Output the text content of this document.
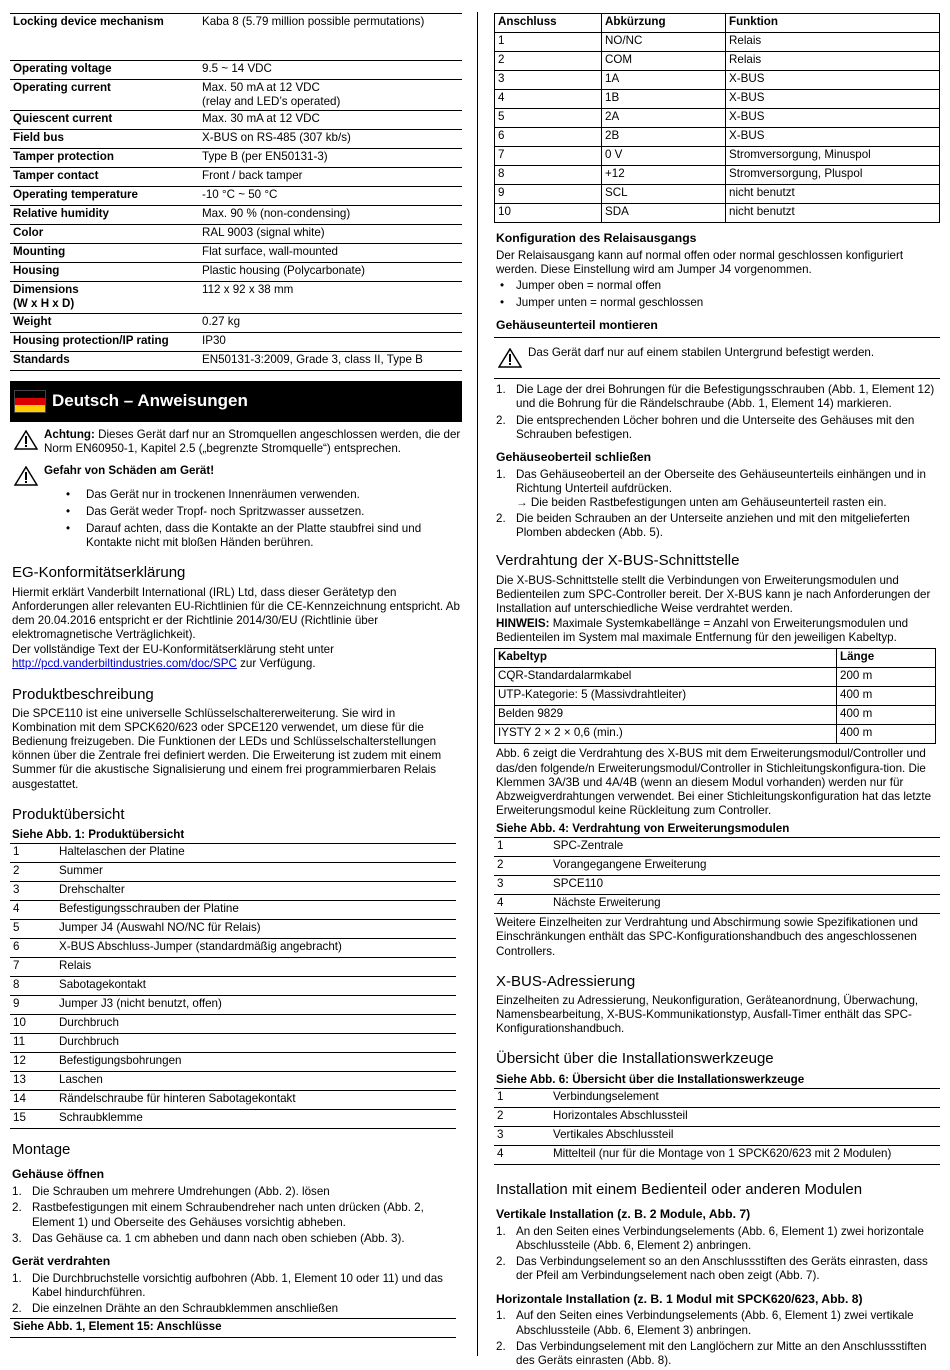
Locking device mechanism	Kaba 8 (5.79 million possible permutations)
Operating voltage	9.5 ~ 14 VDC
Operating current	Max. 50 mA at 12 VDC
(relay and LED’s operated)
Quiescent current	Max. 30 mA at 12 VDC
Field bus	X-BUS on RS-485 (307 kb/s)
Tamper protection	Type B (per EN50131-3)
Tamper contact	Front / back tamper
Operating temperature	-10 °C ~ 50 °C
Relative humidity	Max. 90 % (non-condensing)
Color	RAL 9003 (signal white)
Mounting	Flat surface, wall-mounted
Housing	Plastic housing (Polycarbonate)
Dimensions
(W x H x D)	112 x 92 x 38 mm
Weight	0.27 kg
Housing protection/IP rating	IP30
Standards	EN50131-3:2009, Grade 3, class II, Type B
Deutsch – Anweisungen
Achtung: Dieses Gerät darf nur an Stromquellen angeschlossen werden, die der Norm EN60950-1, Kapitel 2.5 („begrenzte Stromquelle“) entsprechen.
Gefahr von Schäden am Gerät!
• Das Gerät nur in trockenen Innenräumen verwenden.
• Das Gerät weder Tropf- noch Spritzwasser aussetzen.
• Darauf achten, dass die Kontakte an der Platte staubfrei sind und Kontakte nicht mit bloßen Händen berühren.
EG-Konformitätserklärung

Hiermit erklärt Vanderbilt International (IRL) Ltd, dass dieser Gerätetyp den Anforderungen aller relevanten EU-Richtlinien für die CE-Kennzeichnung entspricht. Ab dem 20.04.2016 entspricht er der Richtlinie 2014/30/EU (Richtlinie über elektromagnetische Verträglichkeit).

Der vollständige Text der EU-Konformitätserklärung steht unter
http://pcd.vanderbiltindustries.com/doc/SPC zur Verfügung.

Produktbeschreibung

Die SPCE110 ist eine universelle Schlüsselschaltererweiterung. Sie wird in Kombination mit dem SPCK620/623 oder SPCE120 verwendet, um diese für die Bedienung freizugeben. Die Funktionen der LEDs und Schlüsselschalterstellungen können über die Zentrale frei definiert werden. Die Erweiterung ist zudem mit einem Summer für die akustische Signalisierung und einem frei programmierbaren Relais ausgestattet.

Produktübersicht
Siehe Abb. 1: Produktübersicht
1	Haltelaschen der Platine
2	Summer
3	Drehschalter
4	Befestigungsschrauben der Platine
5	Jumper J4 (Auswahl NO/NC für Relais)
6	X-BUS Abschluss-Jumper (standardmäßig angebracht)
7	Relais
8	Sabotagekontakt
9	Jumper J3 (nicht benutzt, offen)
10	Durchbruch
11	Durchbruch
12	Befestigungsbohrungen
13	Laschen
14	Rändelschraube für hinteren Sabotagekontakt
15	Schraubklemme
Montage
Gehäuse öffnen
1. Die Schrauben um mehrere Umdrehungen (Abb. 2). lösen
2. Rastbefestigungen mit einem Schraubendreher nach unten drücken (Abb. 2, Element 1) und Oberseite des Gehäuses vorsichtig abheben.
3. Das Gehäuse ca. 1 cm abheben und dann nach oben schieben (Abb. 3).
Gerät verdrahten
1. Die Durchbruchstelle vorsichtig aufbohren (Abb. 1, Element 10 oder 11) und das Kabel hindurchführen.
2. Die einzelnen Drähte an den Schraubklemmen anschließen
Siehe Abb. 1, Element 15: Anschlüsse
Anschluss	Abkürzung	Funktion
1	NO/NC	Relais
2	COM	Relais
3	1A	X-BUS
4	1B	X-BUS
5	2A	X-BUS
6	2B	X-BUS
7	0 V	Stromversorgung, Minuspol
8	+12	Stromversorgung, Pluspol
9	SCL	nicht benutzt
10	SDA	nicht benutzt
Konfiguration des Relaisausgangs

Der Relaisausgang kann auf normal offen oder normal geschlossen konfiguriert werden. Diese Einstellung wird am Jumper J4 vorgenommen.

• Jumper oben = normal offen
• Jumper unten = normal geschlossen
Gehäuseunterteil montieren
Das Gerät darf nur auf einem stabilen Untergrund befestigt werden.
1. Die Lage der drei Bohrungen für die Befestigungsschrauben (Abb. 1, Element 12) und die Bohrung für die Rändelschraube (Abb. 1, Element 14) markieren.
2. Die entsprechenden Löcher bohren und die Unterseite des Gehäuses mit den Schrauben befestigen.
Gehäuseoberteil schließen
1. Das Gehäuseoberteil an der Oberseite des Gehäuseunterteils einhängen und in Richtung Unterteil aufdrücken.
→ Die beiden Rastbefestigungen unten am Gehäuseunterteil rasten ein.
2. Die beiden Schrauben an der Unterseite anziehen und mit den mitgelieferten Plomben abdecken (Abb. 5).
Verdrahtung der X-BUS-Schnittstelle

Die X-BUS-Schnittstelle stellt die Verbindungen von Erweiterungsmodulen und Bedienteilen zum SPC-Controller bereit. Der X-BUS kann je nach Anforderungen der Installation auf unterschiedliche Weise verdrahtet werden.

HINWEIS: Maximale Systemkabellänge = Anzahl von Erweiterungsmodulen und Bedienteilen im System mal maximale Entfernung für den jeweiligen Kabeltyp.

Kabeltyp	Länge
CQR-Standardalarmkabel	200 m
UTP-Kategorie: 5 (Massivdrahtleiter)	400 m
Belden 9829	400 m
IYSTY 2 × 2 × 0,6 (min.)	400 m

Abb. 6 zeigt die Verdrahtung des X-BUS mit dem Erweiterungsmodul/Controller und das/den folgende/n Erweiterungsmodul/Controller in Stichleitungskonfigura-tion. Die Klemmen 3A/3B und 4A/4B (wenn an diesem Modul vorhanden) werden nur für Abzweigverdrahtungen verwendet. Bei einer Stichleitungskonfiguration hat das letzte Erweiterungsmodul keine Rückleitung zum Controller.

Siehe Abb. 4: Verdrahtung von Erweiterungsmodulen
1	SPC-Zentrale
2	Vorangegangene Erweiterung
3	SPCE110
4	Nächste Erweiterung

Weitere Einzelheiten zur Verdrahtung und Abschirmung sowie Spezifikationen und Einschränkungen enthält das SPC-Konfigurationshandbuch des angeschlossenen Controllers.

X-BUS-Adressierung

Einzelheiten zu Adressierung, Neukonfiguration, Geräteanordnung, Überwachung, Namensbearbeitung, X-BUS-Kommunikationstyp, Ausfall-Timer enthält das SPC-Konfigurationshandbuch.

Übersicht über die Installationswerkzeuge
Siehe Abb. 6: Übersicht über die Installationswerkzeuge
1	Verbindungselement
2	Horizontales Abschlussteil
3	Vertikales Abschlussteil
4	Mittelteil (nur für die Montage von 1 SPCK620/623 mit 2 Modulen)
Installation mit einem Bedienteil oder anderen Modulen
Vertikale Installation (z. B. 2 Module, Abb. 7)
1. An den Seiten eines Verbindungselements (Abb. 6, Element 1) zwei horizontale Abschlussteile (Abb. 6, Element 2) anbringen.
2. Das Verbindungselement so an den Anschlussstiften des Geräts einrasten, dass der Pfeil am Verbindungselement nach oben zeigt (Abb. 7).
Horizontale Installation (z. B. 1 Modul mit SPCK620/623, Abb. 8)
1. Auf den Seiten eines Verbindungselements (Abb. 6, Element 1) zwei vertikale Abschlussteile (Abb. 6, Element 3) anbringen.
2. Das Verbindungselement mit den Langlöchern zur Mitte an den Anschlussstiften des Geräts einrasten (Abb. 8).
